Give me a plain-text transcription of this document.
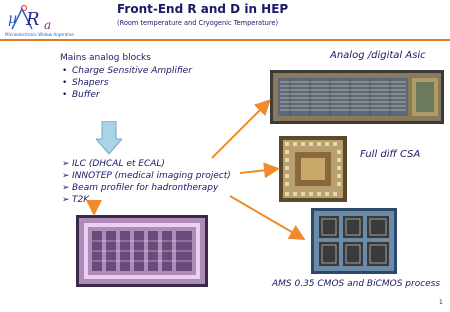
µ R a
Microelectronic Widow Argentine
Front-End R and D in HEP
(Room temperature and Cryogenic Temperature)
Mains analog blocks
• Charge Sensitive Amplifier
• Shapers
• Buffer
➢ ILC (DHCAL et ECAL)
➢ INNOTEP (medical imaging project)
➢ Beam profiler for hadrontherapy
➢ T2K
Analog /digital Asic
Full diff CSA
AMS 0.35 CMOS and BiCMOS process
1
